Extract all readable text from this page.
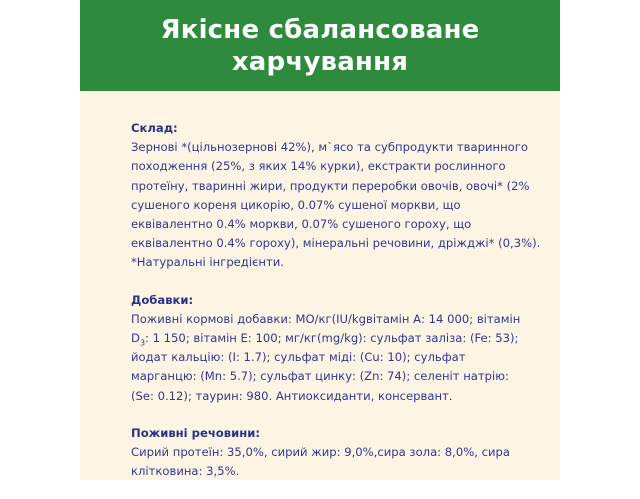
Якісне сбалансоване
харчування
Склад:
Зернові *(цільнозернові 42%), м`ясо та субпродукти тваринного
походження (25%, з яких 14% курки), екстракти рослинного
протеїну, тваринні жири, продукти переробки овочів, овочі* (2%
сушеного кореня цикорію, 0.07% сушеної моркви, що
еквівалентно 0.4% моркви, 0.07% сушеного гороху, що
еквівалентно 0.4% гороху), мінеральні речовини, дріжджі* (0,3%).
*Натуральні інгредієнти.
Добавки:
Поживні кормові добавки: МО/кг(IU/kgвітамін А: 14 000; вітамін
$D_3$: 1 150; вітамін Е: 100; мг/кг(mg/kg): сульфат заліза: (Fe: 53);
йодат кальцію: (I: 1.7); сульфат міді: (Cu: 10); сульфат
марганцю: (Mn: 5.7); сульфат цинку: (Zn: 74); селеніт натрію:
(Se: 0.12); таурин: 980. Антиоксиданти, консервант.
Поживні речовини:
Сирий протеїн: 35,0%, сирий жир: 9,0%,сира зола: 8,0%, сира
клітковина: 3,5%.
